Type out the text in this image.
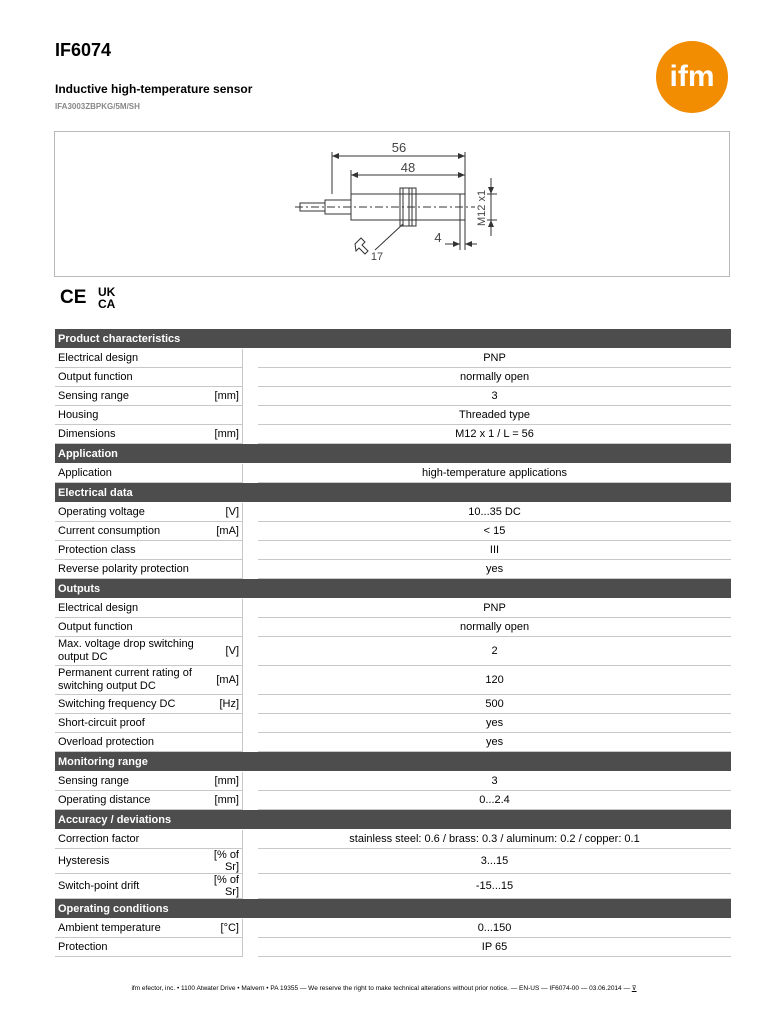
IF6074
Inductive high-temperature sensor
IFA3003ZBPKG/5M/SH
ifm
56
48
4
17
M12 x1
CE UK
CA
Product characteristics			

Electrical design			PNP
Output function			normally open
Sensing range	[mm]		3
Housing			Threaded type
Dimensions	[mm]		M12 x 1 / L = 56
Application			

Application			high-temperature applications
Electrical data			

Operating voltage	[V]		10...35 DC
Current consumption	[mA]		< 15
Protection class			III
Reverse polarity protection			yes
Outputs			

Electrical design			PNP
Output function			normally open
Max. voltage drop switching output DC	[V]		2
Permanent current rating of switching output DC	[mA]		120
Switching frequency DC	[Hz]		500
Short-circuit proof			yes
Overload protection			yes
Monitoring range			

Sensing range	[mm]		3
Operating distance	[mm]		0...2.4
Accuracy / deviations			

Correction factor			stainless steel: 0.6 / brass: 0.3 / aluminum: 0.2 / copper: 0.1
Hysteresis	[% of Sr]		3...15
Switch-point drift	[% of Sr]		-15...15
Operating conditions			

Ambient temperature	[°C]		0...150
Protection			IP 65
ifm efector, inc. • 1100 Atwater Drive • Malvern • PA 19355 — We reserve the right to make technical alterations without prior notice. — EN-US — IF6074-00 — 03.06.2014 — ⊽
